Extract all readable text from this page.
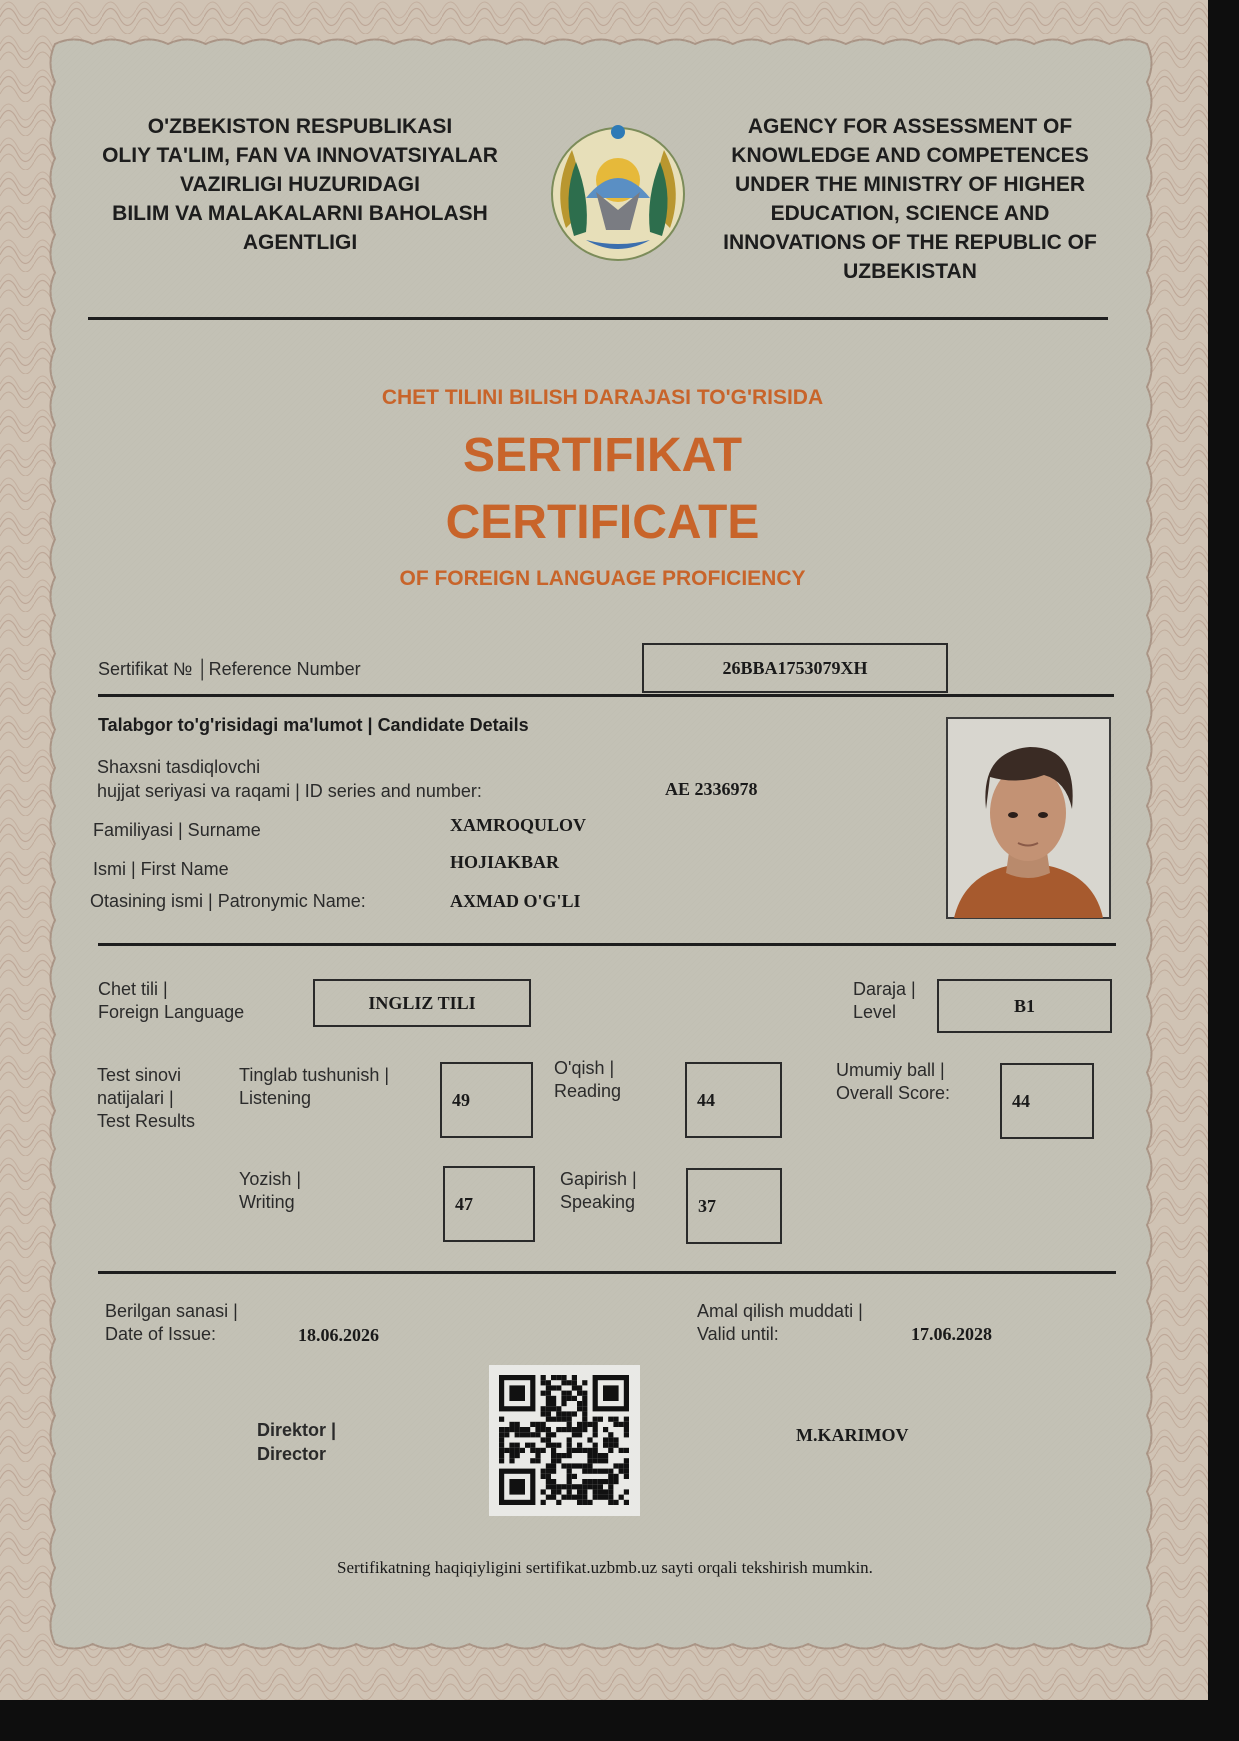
O'ZBEKISTON RESPUBLIKASI
OLIY TA'LIM, FAN VA INNOVATSIYALAR
VAZIRLIGI HUZURIDAGI
BILIM VA MALAKALARNI BAHOLASH
AGENTLIGI
AGENCY FOR ASSESSMENT OF
KNOWLEDGE AND COMPETENCES
UNDER THE MINISTRY OF HIGHER
EDUCATION, SCIENCE AND
INNOVATIONS OF THE REPUBLIC OF
UZBEKISTAN
CHET TILINI BILISH DARAJASI TO'G'RISIDA
SERTIFIKAT
CERTIFICATE
OF FOREIGN LANGUAGE PROFICIENCY
Sertifikat № │Reference Number	26BBA1753079XH
Talabgor to'g'risidagi ma'lumot | Candidate Details
Shaxsni tasdiqlovchi
hujjat seriyasi va raqami | ID series and number:	AE 2336978
Familiyasi | Surname	XAMROQULOV
Ismi | First Name	HOJIAKBAR
Otasining ismi | Patronymic Name:	AXMAD O'G'LI
Chet tili |
Foreign Language	INGLIZ TILI
Daraja |
Level	B1
Test sinovi
natijalari |
Test Results
Tinglab tushunish |
Listening	49
O'qish |
Reading	44
Umumiy ball |
Overall Score:	44
Yozish |
Writing	47
Gapirish |
Speaking	37
Berilgan sanasi |
Date of Issue:	18.06.2026
Amal qilish muddati |
Valid until:	17.06.2028
Direktor |
Director
M.KARIMOV
Sertifikatning haqiqiyligini sertifikat.uzbmb.uz sayti orqali tekshirish mumkin.
